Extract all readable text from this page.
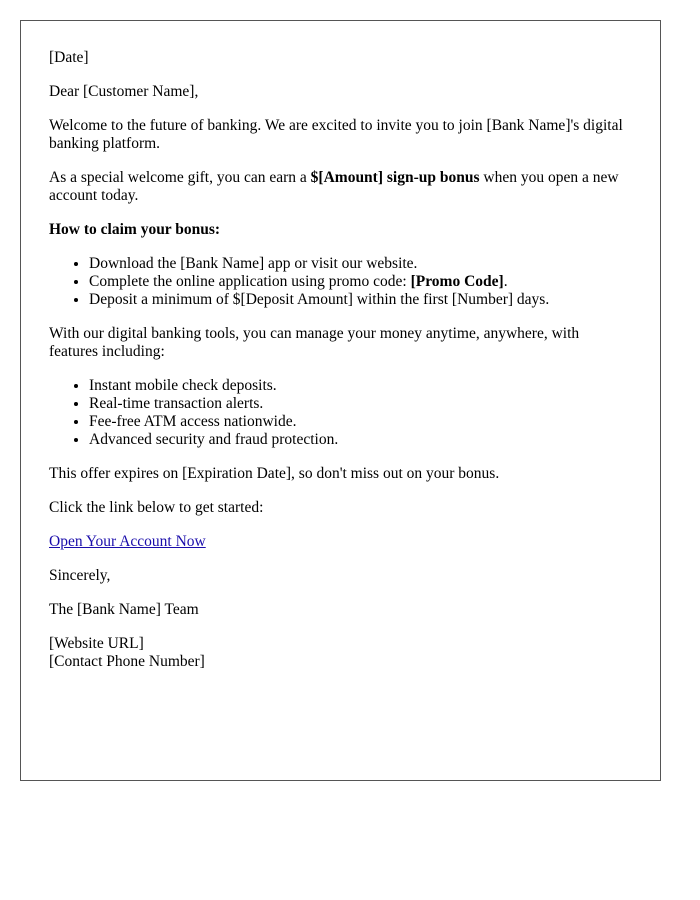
[Date]

Dear [Customer Name],

Welcome to the future of banking. We are excited to invite you to join [Bank Name]'s digital banking platform.

As a special welcome gift, you can earn a $[Amount] sign-up bonus when you open a new account today.

How to claim your bonus:

• Download the [Bank Name] app or visit our website.
• Complete the online application using promo code: [Promo Code].
• Deposit a minimum of $[Deposit Amount] within the first [Number] days.

With our digital banking tools, you can manage your money anytime, anywhere, with features including:

• Instant mobile check deposits.
• Real-time transaction alerts.
• Fee-free ATM access nationwide.
• Advanced security and fraud protection.

This offer expires on [Expiration Date], so don't miss out on your bonus.

Click the link below to get started:

Open Your Account Now

Sincerely,

The [Bank Name] Team

[Website URL]
[Contact Phone Number]
